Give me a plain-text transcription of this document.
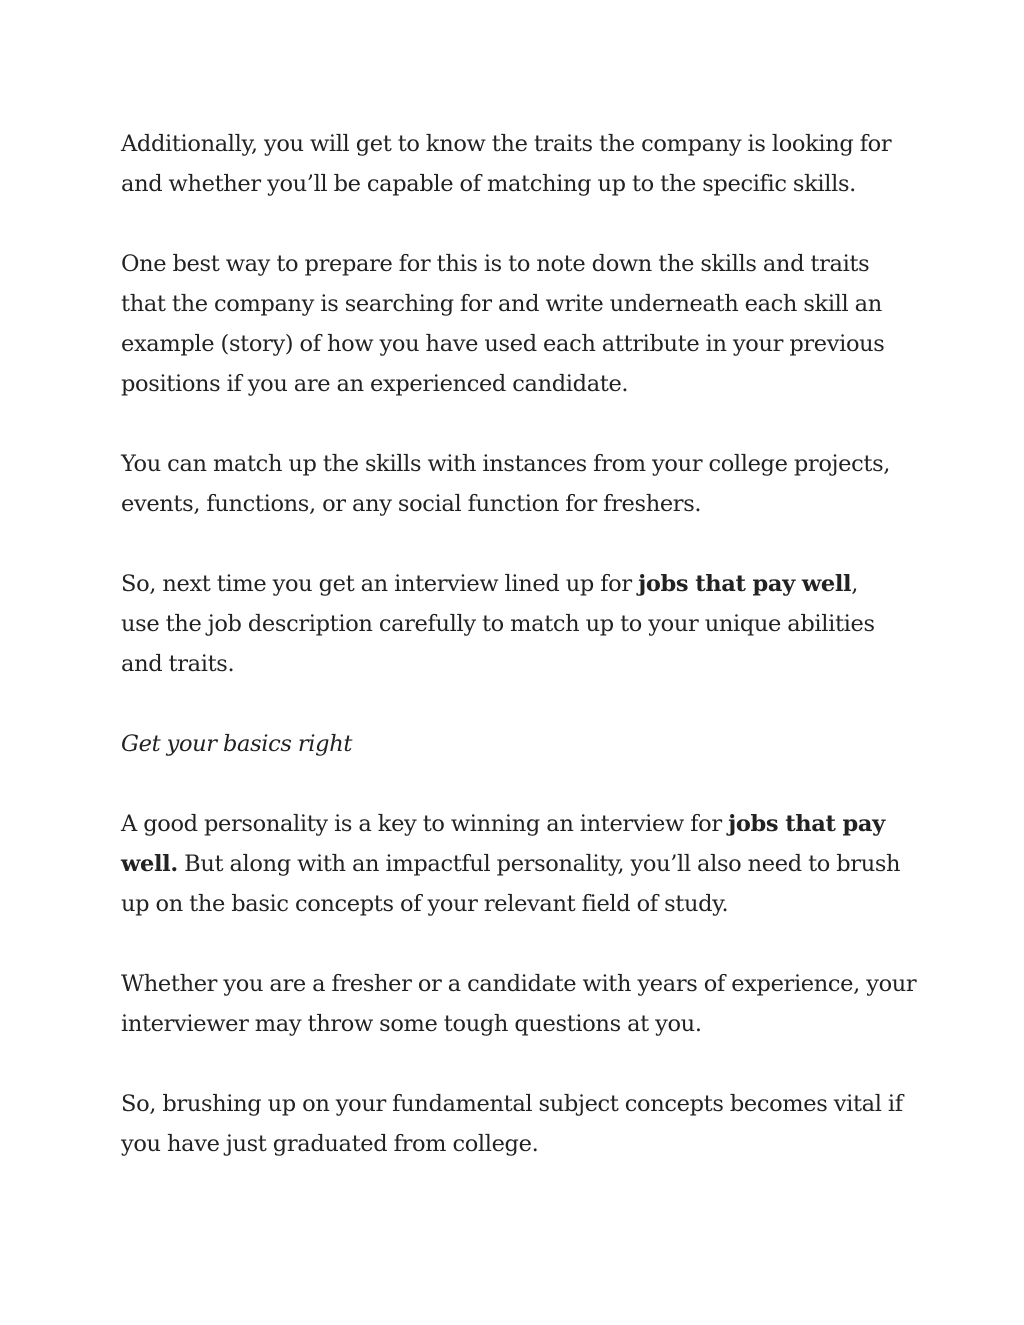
Additionally, you will get to know the traits the company is looking for
and whether you’ll be capable of matching up to the specific skills.

One best way to prepare for this is to note down the skills and traits
that the company is searching for and write underneath each skill an
example (story) of how you have used each attribute in your previous
positions if you are an experienced candidate.

You can match up the skills with instances from your college projects,
events, functions, or any social function for freshers.

So, next time you get an interview lined up for jobs that pay well,
use the job description carefully to match up to your unique abilities
and traits.

Get your basics right

A good personality is a key to winning an interview for jobs that pay
well. But along with an impactful personality, you’ll also need to brush
up on the basic concepts of your relevant field of study.

Whether you are a fresher or a candidate with years of experience, your
interviewer may throw some tough questions at you.

So, brushing up on your fundamental subject concepts becomes vital if
you have just graduated from college.
